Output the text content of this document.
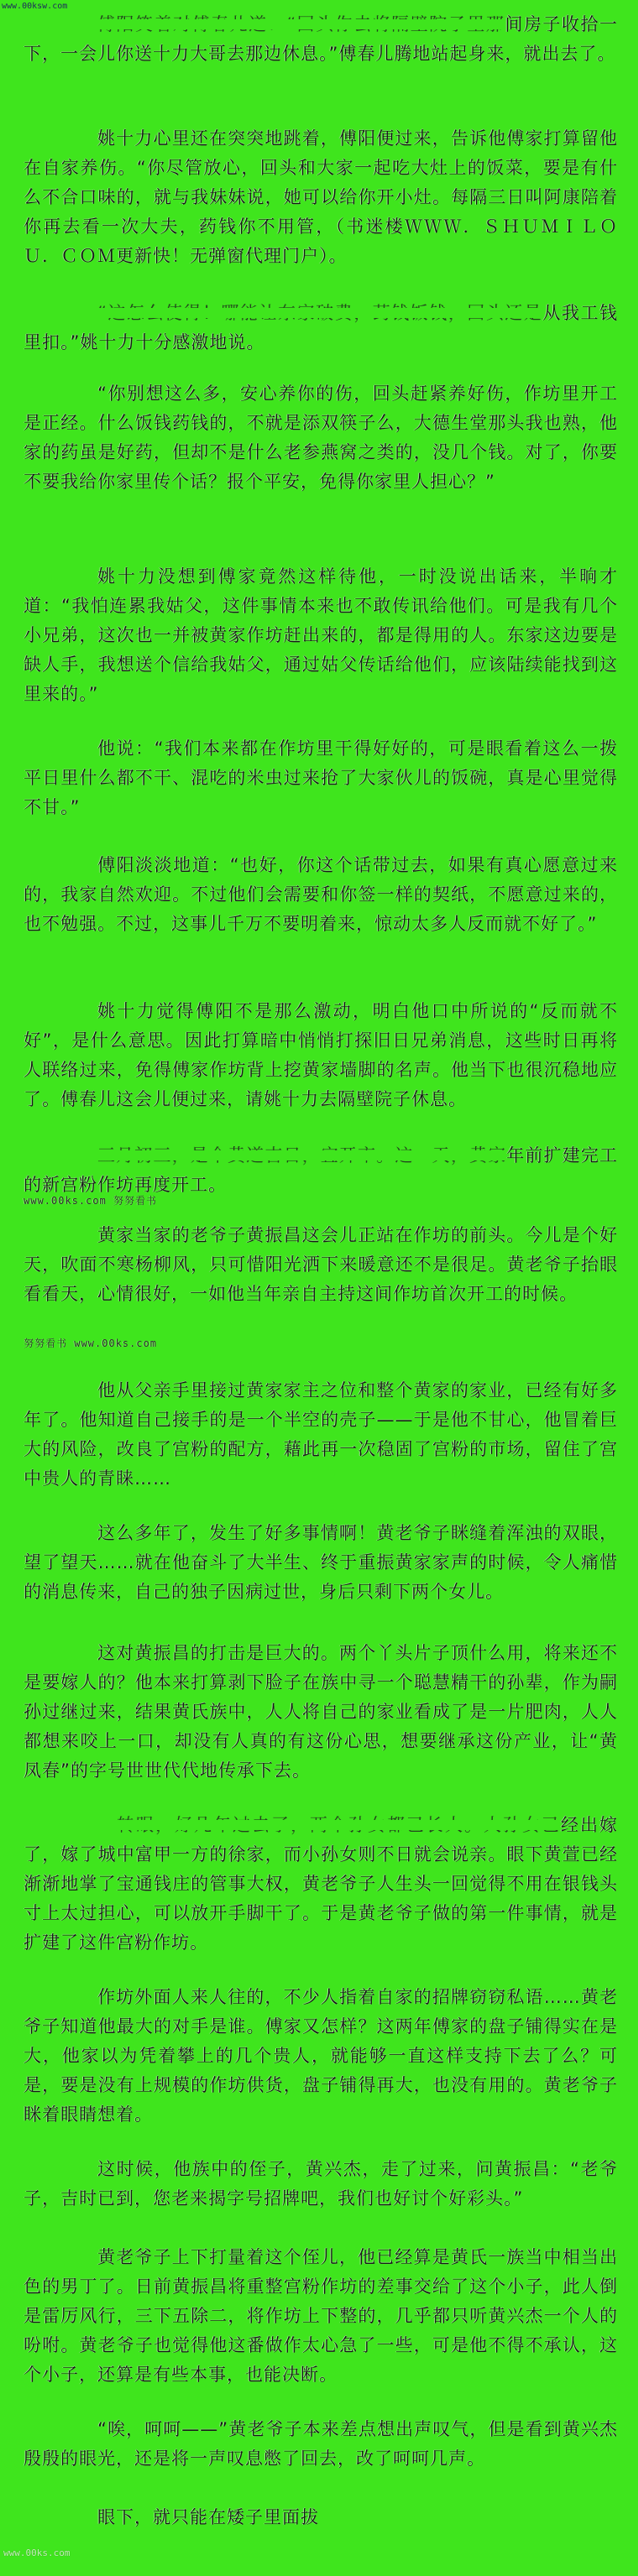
www.00ksw.com

傅阳笑着对傅春儿道：“回头你去将隔壁院子里那间房子收拾一下，一会儿你送十力大哥去那边休息。”傅春儿腾地站起身来，就出去了。

姚十力心里还在突突地跳着，傅阳便过来，告诉他傅家打算留他在自家养伤。“你尽管放心，回头和大家一起吃大灶上的饭菜，要是有什么不合口味的，就与我妹妹说，她可以给你开小灶。每隔三日叫阿康陪着你再去看一次大夫，药钱你不用管，（书迷楼ＷＷＷ．ＳＨＵＭＩＬＯＵ．ＣＯＭ更新快！无弹窗代理门户）。

“这怎么使得！哪能让东家破费，药钱饭钱，回头还是从我工钱里扣。”姚十力十分感激地说。

“你别想这么多，安心养你的伤，回头赶紧养好伤，作坊里开工是正经。什么饭钱药钱的，不就是添双筷子么，大德生堂那头我也熟，他家的药虽是好药，但却不是什么老参燕窝之类的，没几个钱。对了，你要不要我给你家里传个话？报个平安，免得你家里人担心？”

姚十力没想到傅家竟然这样待他，一时没说出话来，半晌才道：“我怕连累我姑父，这件事情本来也不敢传讯给他们。可是我有几个小兄弟，这次也一并被黄家作坊赶出来的，都是得用的人。东家这边要是缺人手，我想送个信给我姑父，通过姑父传话给他们，应该陆续能找到这里来的。”

他说：“我们本来都在作坊里干得好好的，可是眼看着这么一拨平日里什么都不干、混吃的米虫过来抢了大家伙儿的饭碗，真是心里觉得不甘。”

傅阳淡淡地道：“也好，你这个话带过去，如果有真心愿意过来的，我家自然欢迎。不过他们会需要和你签一样的契纸，不愿意过来的，也不勉强。不过，这事儿千万不要明着来，惊动太多人反而就不好了。”

姚十力觉得傅阳不是那么激动，明白他口中所说的“反而就不好”，是什么意思。因此打算暗中悄悄打探旧日兄弟消息，这些时日再将人联络过来，免得傅家作坊背上挖黄家墙脚的名声。他当下也很沉稳地应了。傅春儿这会儿便过来，请姚十力去隔壁院子休息。

三月初三，是个黄道吉日，宜开市。这一天，黄家年前扩建完工的新宫粉作坊再度开工。

www.00ks.com 努努看书

黄家当家的老爷子黄振昌这会儿正站在作坊的前头。今儿是个好天，吹面不寒杨柳风，只可惜阳光洒下来暖意还不是很足。黄老爷子抬眼看看天，心情很好，一如他当年亲自主持这间作坊首次开工的时候。

努努看书 www.00ks.com

他从父亲手里接过黄家家主之位和整个黄家的家业，已经有好多年了。他知道自己接手的是一个半空的壳子——于是他不甘心，他冒着巨大的风险，改良了宫粉的配方，藉此再一次稳固了宫粉的市场，留住了宫中贵人的青睐……

这么多年了，发生了好多事情啊！黄老爷子眯缝着浑浊的双眼，望了望天……就在他奋斗了大半生、终于重振黄家家声的时候，令人痛惜的消息传来，自己的独子因病过世，身后只剩下两个女儿。

这对黄振昌的打击是巨大的。两个丫头片子顶什么用，将来还不是要嫁人的？他本来打算剥下脸子在族中寻一个聪慧精干的孙辈，作为嗣孙过继过来，结果黄氏族中，人人将自己的家业看成了是一片肥肉，人人都想来咬上一口，却没有人真的有这份心思，想要继承这份产业，让“黄凤春”的字号世世代代地传承下去。

一转眼，好几年过去了，两个孙女都已长大。大孙女已经出嫁了，嫁了城中富甲一方的徐家，而小孙女则不日就会说亲。眼下黄萱已经渐渐地掌了宝通钱庄的管事大权，黄老爷子人生头一回觉得不用在银钱头寸上太过担心，可以放开手脚干了。于是黄老爷子做的第一件事情，就是扩建了这件宫粉作坊。

作坊外面人来人往的，不少人指着自家的招牌窃窃私语……黄老爷子知道他最大的对手是谁。傅家又怎样？这两年傅家的盘子铺得实在是大，他家以为凭着攀上的几个贵人，就能够一直这样支持下去了么？可是，要是没有上规模的作坊供货，盘子铺得再大，也没有用的。黄老爷子眯着眼睛想着。

这时候，他族中的侄子，黄兴杰，走了过来，问黄振昌：“老爷子，吉时已到，您老来揭字号招牌吧，我们也好讨个好彩头。”

黄老爷子上下打量着这个侄儿，他已经算是黄氏一族当中相当出色的男丁了。日前黄振昌将重整宫粉作坊的差事交给了这个小子，此人倒是雷厉风行，三下五除二，将作坊上下整的，几乎都只听黄兴杰一个人的吩咐。黄老爷子也觉得他这番做作太心急了一些，可是他不得不承认，这个小子，还算是有些本事，也能决断。

“唉，呵呵——”黄老爷子本来差点想出声叹气，但是看到黄兴杰殷殷的眼光，还是将一声叹息憋了回去，改了呵呵几声。

眼下，就只能在矮子里面拔

www.00ks.com
